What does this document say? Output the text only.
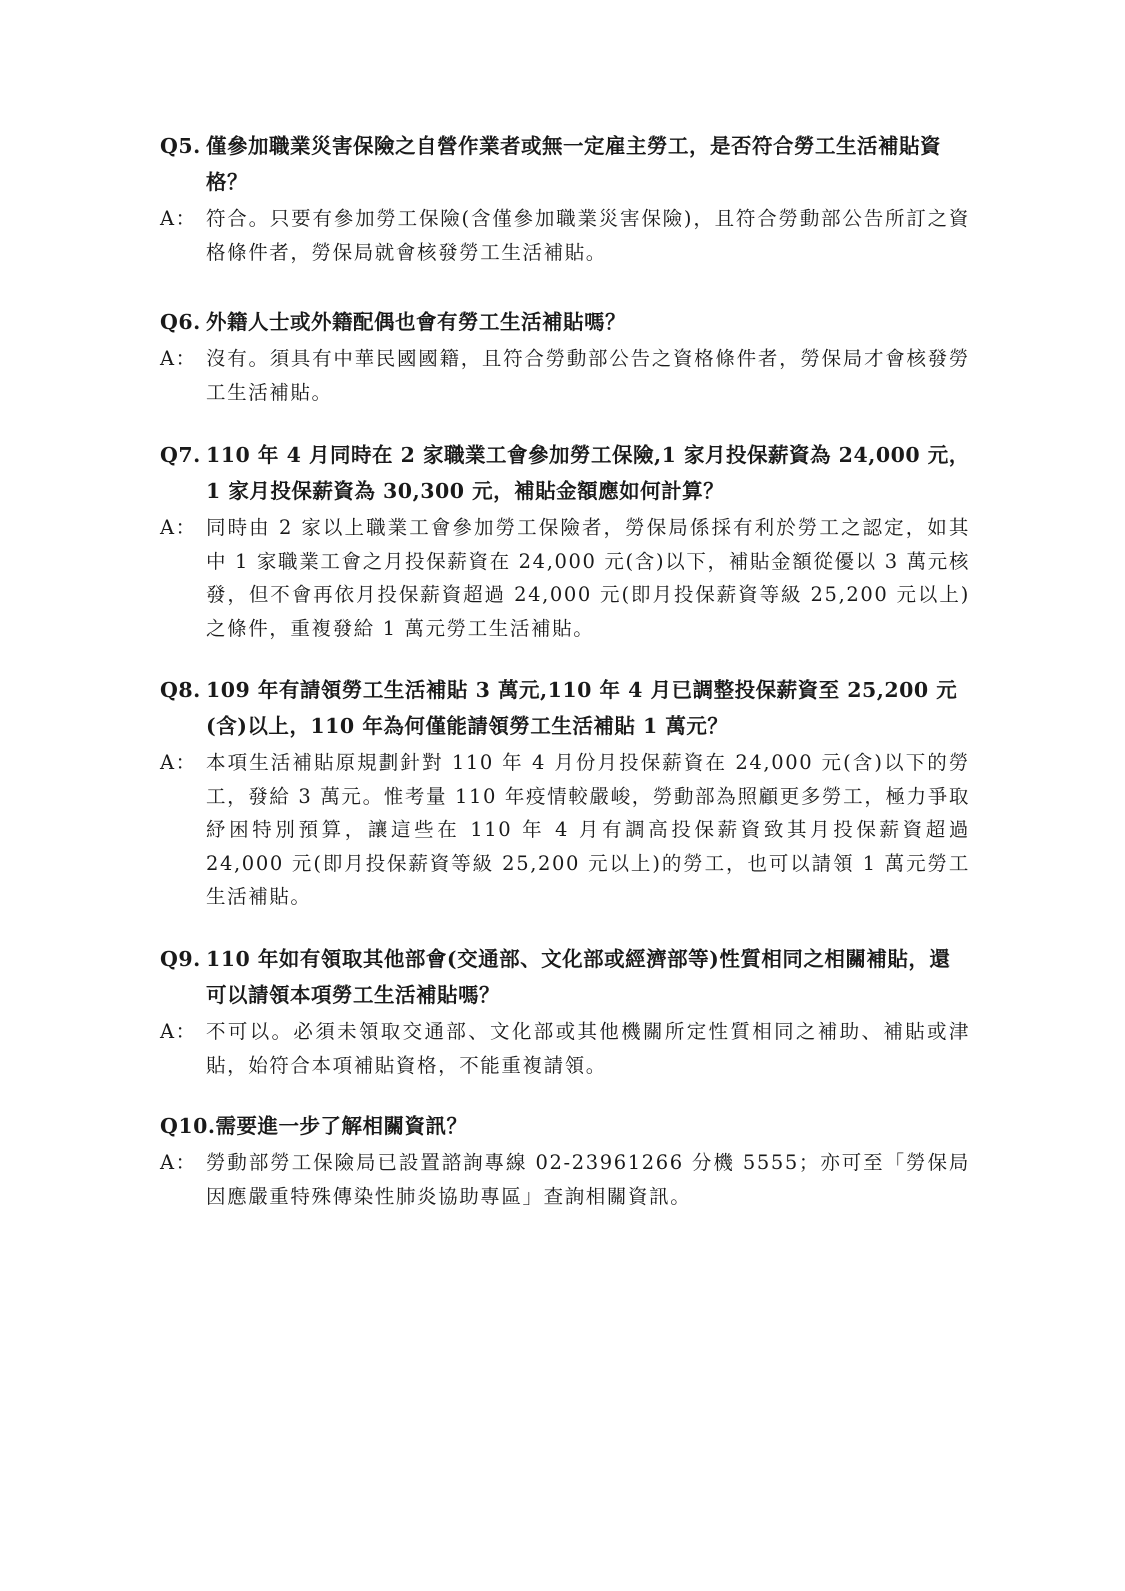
Q5. 僅參加職業災害保險之自營作業者或無一定雇主勞工，是否符合勞工生活補貼資格？
A： 符合。只要有參加勞工保險(含僅參加職業災害保險)，且符合勞動部公告所訂之資格條件者，勞保局就會核發勞工生活補貼。
Q6. 外籍人士或外籍配偶也會有勞工生活補貼嗎？
A： 沒有。須具有中華民國國籍，且符合勞動部公告之資格條件者，勞保局才會核發勞工生活補貼。
Q7. 110 年 4 月同時在 2 家職業工會參加勞工保險,1 家月投保薪資為 24,000 元，1 家月投保薪資為 30,300 元，補貼金額應如何計算？
A： 同時由 2 家以上職業工會參加勞工保險者，勞保局係採有利於勞工之認定，如其中 1 家職業工會之月投保薪資在 24,000 元(含)以下，補貼金額從優以 3 萬元核發，但不會再依月投保薪資超過 24,000 元(即月投保薪資等級 25,200 元以上)之條件，重複發給 1 萬元勞工生活補貼。
Q8. 109 年有請領勞工生活補貼 3 萬元,110 年 4 月已調整投保薪資至 25,200 元(含)以上，110 年為何僅能請領勞工生活補貼 1 萬元？
A： 本項生活補貼原規劃針對 110 年 4 月份月投保薪資在 24,000 元(含)以下的勞工，發給 3 萬元。惟考量 110 年疫情較嚴峻，勞動部為照顧更多勞工，極力爭取紓困特別預算，讓這些在 110 年 4 月有調高投保薪資致其月投保薪資超過 24,000 元(即月投保薪資等級 25,200 元以上)的勞工，也可以請領 1 萬元勞工生活補貼。
Q9. 110 年如有領取其他部會(交通部、文化部或經濟部等)性質相同之相關補貼，還可以請領本項勞工生活補貼嗎？
A： 不可以。必須未領取交通部、文化部或其他機關所定性質相同之補助、補貼或津貼，始符合本項補貼資格，不能重複請領。
Q10. 需要進一步了解相關資訊？
A： 勞動部勞工保險局已設置諮詢專線 02-23961266 分機 5555；亦可至「勞保局因應嚴重特殊傳染性肺炎協助專區」查詢相關資訊。
